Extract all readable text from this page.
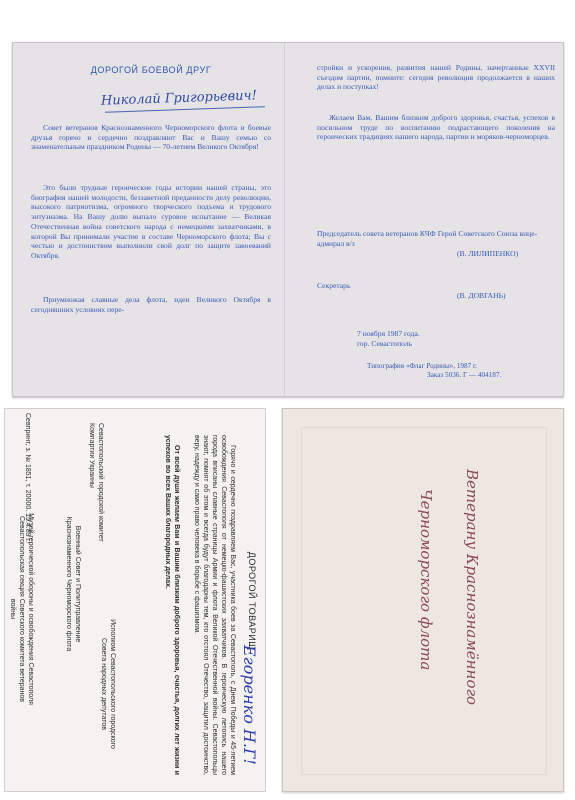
ДОРОГОЙ БОЕВОЙ ДРУГ
Николай Григорьевич!

Совет ветеранов Краснознаменного Черноморского флота и боевые друзья горячо и сердечно поздравляют Вас и Вашу семью со знаменательным праздником Родины — 70-летием Великого Октября!

Это были трудные героические годы истории нашей страны, это биография нашей молодости, беззаветной преданности делу революции, высокого патриотизма, огромного творческого подъема и трудового энтузиазма. На Вашу долю выпало суровое испытание — Великая Отечественная война советского народа с немецкими захватчиками, в которой Вы принимали участие в составе Черноморского флота; Вы с честью и достоинством выполнили свой долг по защите завоеваний Октября.

Приумножая славные дела флота, идеи Великого Октября в сегодняшних условиях пере-

стройки и ускорения, развития нашей Родины, начертанные XXVII съездом партии, помните: сегодня революция продолжается в наших делах и поступках!

Желаем Вам, Вашим близким доброго здоровья, счастья, успехов в посильном труде по воспитанию подрастающего поколения на героических традициях нашего народа, партии и моряков-черноморцев.

Председатель совета ветеранов КЧФ Герой Советского Союза вице-адмирал в/з
(В. ЛИЛИПЕНКО)
Секретарь
(В. ДОВГАНЬ)
7 ноября 1987 года.
гор. Севастополь
Типография «Флаг Родины», 1987 г.
Заказ 5036. Г — 404187.
ДОРОГОЙ ТОВАРИЩ
Егоренко Н.Г!

Горячо и сердечно поздравляем Вас, участника боев за Севастополь, с Днем Победы и 45-летием освобождения Севастополя от немецко-фашистских захватчиков. В героическую летопись нашего города вписаны славные страницы Армии и флота Великой Отечественной войны. Севастопольцы знают, помнят об этом и всегда будут благодарны тем, кто отстоял Отечество, защитил достоинство, веру, надежду и само право человека в борьбе с фашизмом.

От всей души желаем Вам и Вашим близким доброго здоровья, счастья, долгих лет жизни и успехов во всех Ваших благородных делах.

Исполком Севастопольского городского Совета народных депутатов
Военный Совет и Политуправление Краснознаменного Черноморского флота
Музей героической обороны и освобождения Севастополя Севастопольская секция Советского комитета ветеранов войны
Севастопольский городской комитет Компартии Украины
Севпринт, з. № 1851, т. 20000. 15.4.89 г.	Ветерану Краснознамённого
Черноморского флота
